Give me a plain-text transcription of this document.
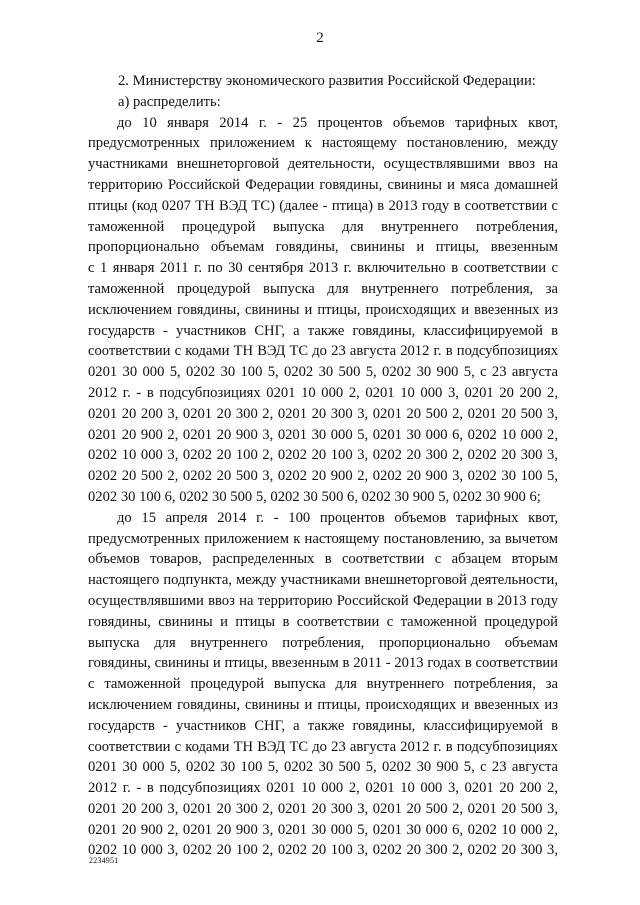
2
2. Министерству экономического развития Российской Федерации:
а) распределить:
до 10 января 2014 г. - 25 процентов объемов тарифных квот,
предусмотренных приложением к настоящему постановлению, между
участниками внешнеторговой деятельности, осуществлявшими ввоз на
территорию Российской Федерации говядины, свинины и мяса домашней
птицы (код 0207 ТН ВЭД ТС) (далее - птица) в 2013 году в соответствии с
таможенной процедурой выпуска для внутреннего потребления,
пропорционально объемам говядины, свинины и птицы, ввезенным
с 1 января 2011 г. по 30 сентября 2013 г. включительно в соответствии с
таможенной процедурой выпуска для внутреннего потребления, за
исключением говядины, свинины и птицы, происходящих и ввезенных из
государств - участников СНГ, а также говядины, классифицируемой в
соответствии с кодами ТН ВЭД ТС до 23 августа 2012 г. в подсубпозициях
0201 30 000 5, 0202 30 100 5, 0202 30 500 5, 0202 30 900 5, с 23 августа
2012 г. - в подсубпозициях 0201 10 000 2, 0201 10 000 3, 0201 20 200 2,
0201 20 200 3, 0201 20 300 2, 0201 20 300 3, 0201 20 500 2, 0201 20 500 3,
0201 20 900 2, 0201 20 900 3, 0201 30 000 5, 0201 30 000 6, 0202 10 000 2,
0202 10 000 3, 0202 20 100 2, 0202 20 100 3, 0202 20 300 2, 0202 20 300 3,
0202 20 500 2, 0202 20 500 3, 0202 20 900 2, 0202 20 900 3, 0202 30 100 5,
0202 30 100 6, 0202 30 500 5, 0202 30 500 6, 0202 30 900 5, 0202 30 900 6;
до 15 апреля 2014 г. - 100 процентов объемов тарифных квот,
предусмотренных приложением к настоящему постановлению, за вычетом
объемов товаров, распределенных в соответствии с абзацем вторым
настоящего подпункта, между участниками внешнеторговой деятельности,
осуществлявшими ввоз на территорию Российской Федерации в 2013 году
говядины, свинины и птицы в соответствии с таможенной процедурой
выпуска для внутреннего потребления, пропорционально объемам
говядины, свинины и птицы, ввезенным в 2011 - 2013 годах в соответствии
с таможенной процедурой выпуска для внутреннего потребления, за
исключением говядины, свинины и птицы, происходящих и ввезенных из
государств - участников СНГ, а также говядины, классифицируемой в
соответствии с кодами ТН ВЭД ТС до 23 августа 2012 г. в подсубпозициях
0201 30 000 5, 0202 30 100 5, 0202 30 500 5, 0202 30 900 5, с 23 августа
2012 г. - в подсубпозициях 0201 10 000 2, 0201 10 000 3, 0201 20 200 2,
0201 20 200 3, 0201 20 300 2, 0201 20 300 3, 0201 20 500 2, 0201 20 500 3,
0201 20 900 2, 0201 20 900 3, 0201 30 000 5, 0201 30 000 6, 0202 10 000 2,
0202 10 000 3, 0202 20 100 2, 0202 20 100 3, 0202 20 300 2, 0202 20 300 3,
2234951
